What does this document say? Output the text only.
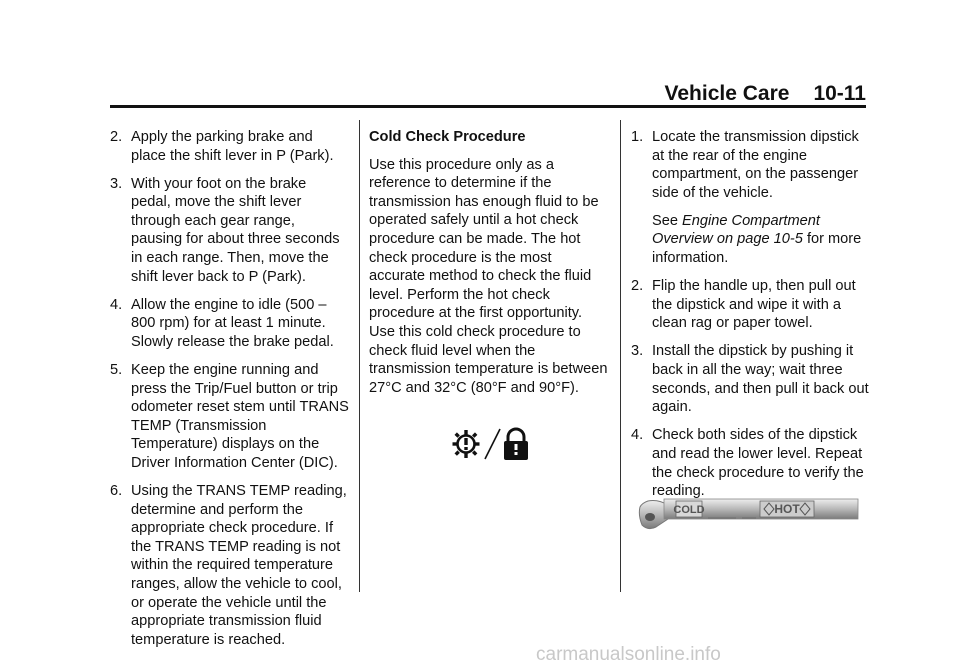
Vehicle Care 10-11
2. Apply the parking brake and place the shift lever in P (Park).
3. With your foot on the brake pedal, move the shift lever through each gear range, pausing for about three seconds in each range. Then, move the shift lever back to P (Park).
4. Allow the engine to idle (500 – 800 rpm) for at least 1 minute. Slowly release the brake pedal.
5. Keep the engine running and press the Trip/Fuel button or trip odometer reset stem until TRANS TEMP (Transmission Temperature) displays on the Driver Information Center (DIC).
6. Using the TRANS TEMP reading, determine and perform the appropriate check procedure. If the TRANS TEMP reading is not within the required temperature ranges, allow the vehicle to cool, or operate the vehicle until the appropriate transmission fluid temperature is reached.
Cold Check Procedure

Use this procedure only as a reference to determine if the transmission has enough fluid to be operated safely until a hot check procedure can be made. The hot check procedure is the most accurate method to check the fluid level. Perform the hot check procedure at the first opportunity. Use this cold check procedure to check fluid level when the transmission temperature is between 27°C and 32°C (80°F and 90°F).

1. Locate the transmission dipstick at the rear of the engine compartment, on the passenger side of the vehicle.
See Engine Compartment Overview on page 10-5 for more information.
2. Flip the handle up, then pull out the dipstick and wipe it with a clean rag or paper towel.
3. Install the dipstick by pushing it back in all the way; wait three seconds, and then pull it back out again.
4. Check both sides of the dipstick and read the lower level. Repeat the check procedure to verify the reading.
COLD	HOT
carmanualsonline.info
